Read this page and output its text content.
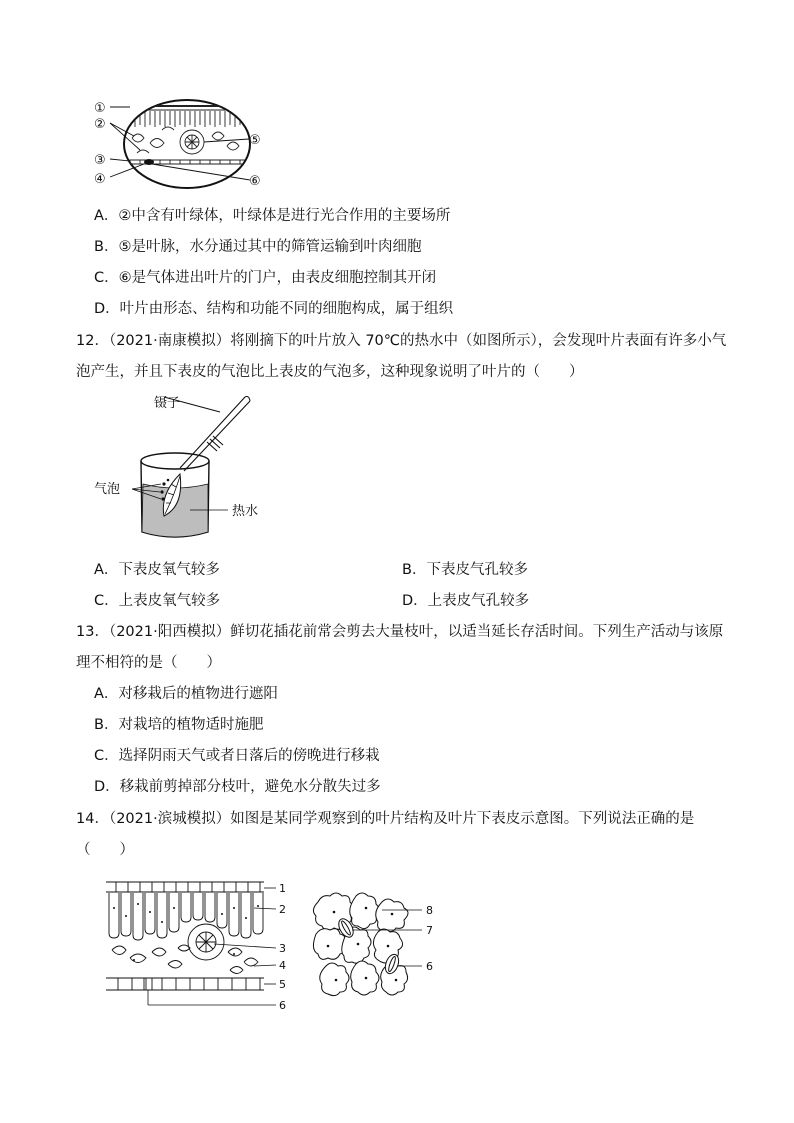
①
②
③
④
⑤
⑥
A．②中含有叶绿体，叶绿体是进行光合作用的主要场所
B．⑤是叶脉，水分通过其中的筛管运输到叶肉细胞
C．⑥是气体进出叶片的门户，由表皮细胞控制其开闭
D．叶片由形态、结构和功能不同的细胞构成，属于组织
12．（2021·南康模拟）将刚摘下的叶片放入 70℃的热水中（如图所示），会发现叶片表面有许多小气
泡产生，并且下表皮的气泡比上表皮的气泡多，这种现象说明了叶片的（　　）
镊子
气泡
热水
A．下表皮氧气较多	B．下表皮气孔较多
C．上表皮氧气较多	D．上表皮气孔较多
13．（2021·阳西模拟）鲜切花插花前常会剪去大量枝叶，以适当延长存活时间。下列生产活动与该原
理不相符的是（　　）
A．对移栽后的植物进行遮阳
B．对栽培的植物适时施肥
C．选择阴雨天气或者日落后的傍晚进行移栽
D．移栽前剪掉部分枝叶，避免水分散失过多
14．（2021·滨城模拟）如图是某同学观察到的叶片结构及叶片下表皮示意图。下列说法正确的是
（　　）
1
2
3
4
5
6
8
7
6
